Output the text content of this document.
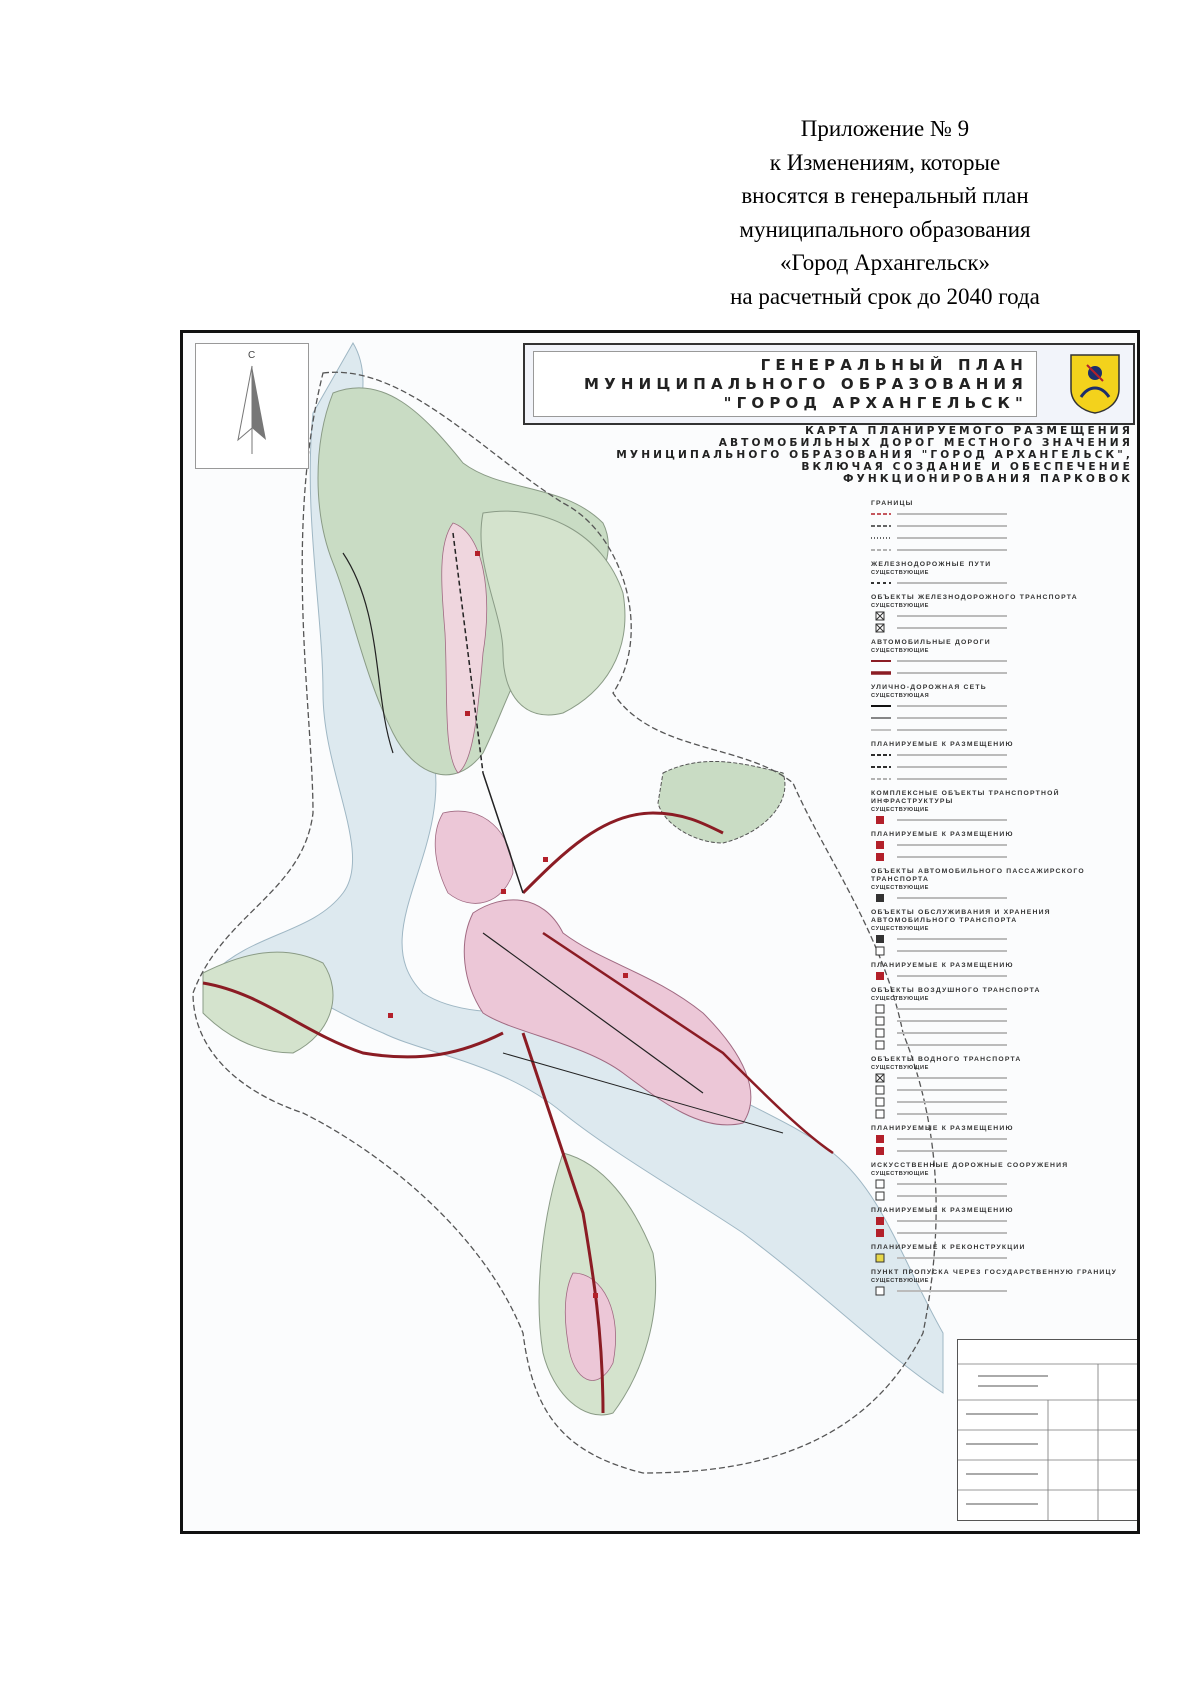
Приложение № 9
к Изменениям, которые
вносятся в генеральный план
муниципального образования
«Город Архангельск»
на расчетный срок до 2040 года
С
ГЕНЕРАЛЬНЫЙ ПЛАН
МУНИЦИПАЛЬНОГО ОБРАЗОВАНИЯ
"ГОРОД АРХАНГЕЛЬСК"
КАРТА ПЛАНИРУЕМОГО РАЗМЕЩЕНИЯ
АВТОМОБИЛЬНЫХ ДОРОГ МЕСТНОГО ЗНАЧЕНИЯ
МУНИЦИПАЛЬНОГО ОБРАЗОВАНИЯ "ГОРОД АРХАНГЕЛЬСК",
ВКЛЮЧАЯ СОЗДАНИЕ И ОБЕСПЕЧЕНИЕ
ФУНКЦИОНИРОВАНИЯ ПАРКОВОК
ГРАНИЦЫ
ЖЕЛЕЗНОДОРОЖНЫЕ ПУТИ
СУЩЕСТВУЮЩИЕ
ОБЪЕКТЫ ЖЕЛЕЗНОДОРОЖНОГО ТРАНСПОРТА
СУЩЕСТВУЮЩИЕ
АВТОМОБИЛЬНЫЕ ДОРОГИ
СУЩЕСТВУЮЩИЕ
УЛИЧНО-ДОРОЖНАЯ СЕТЬ
СУЩЕСТВУЮЩАЯ
ПЛАНИРУЕМЫЕ К РАЗМЕЩЕНИЮ
КОМПЛЕКСНЫЕ ОБЪЕКТЫ ТРАНСПОРТНОЙ ИНФРАСТРУКТУРЫ
СУЩЕСТВУЮЩИЕ
ПЛАНИРУЕМЫЕ К РАЗМЕЩЕНИЮ
ОБЪЕКТЫ АВТОМОБИЛЬНОГО ПАССАЖИРСКОГО ТРАНСПОРТА
СУЩЕСТВУЮЩИЕ
ОБЪЕКТЫ ОБСЛУЖИВАНИЯ И ХРАНЕНИЯ АВТОМОБИЛЬНОГО ТРАНСПОРТА
СУЩЕСТВУЮЩИЕ
ПЛАНИРУЕМЫЕ К РАЗМЕЩЕНИЮ
ОБЪЕКТЫ ВОЗДУШНОГО ТРАНСПОРТА
СУЩЕСТВУЮЩИЕ
ОБЪЕКТЫ ВОДНОГО ТРАНСПОРТА
СУЩЕСТВУЮЩИЕ
ПЛАНИРУЕМЫЕ К РАЗМЕЩЕНИЮ
ИСКУССТВЕННЫЕ ДОРОЖНЫЕ СООРУЖЕНИЯ
СУЩЕСТВУЮЩИЕ
ПЛАНИРУЕМЫЕ К РАЗМЕЩЕНИЮ
ПЛАНИРУЕМЫЕ К РЕКОНСТРУКЦИИ
ПУНКТ ПРОПУСКА ЧЕРЕЗ ГОСУДАРСТВЕННУЮ ГРАНИЦУ
СУЩЕСТВУЮЩИЕ
